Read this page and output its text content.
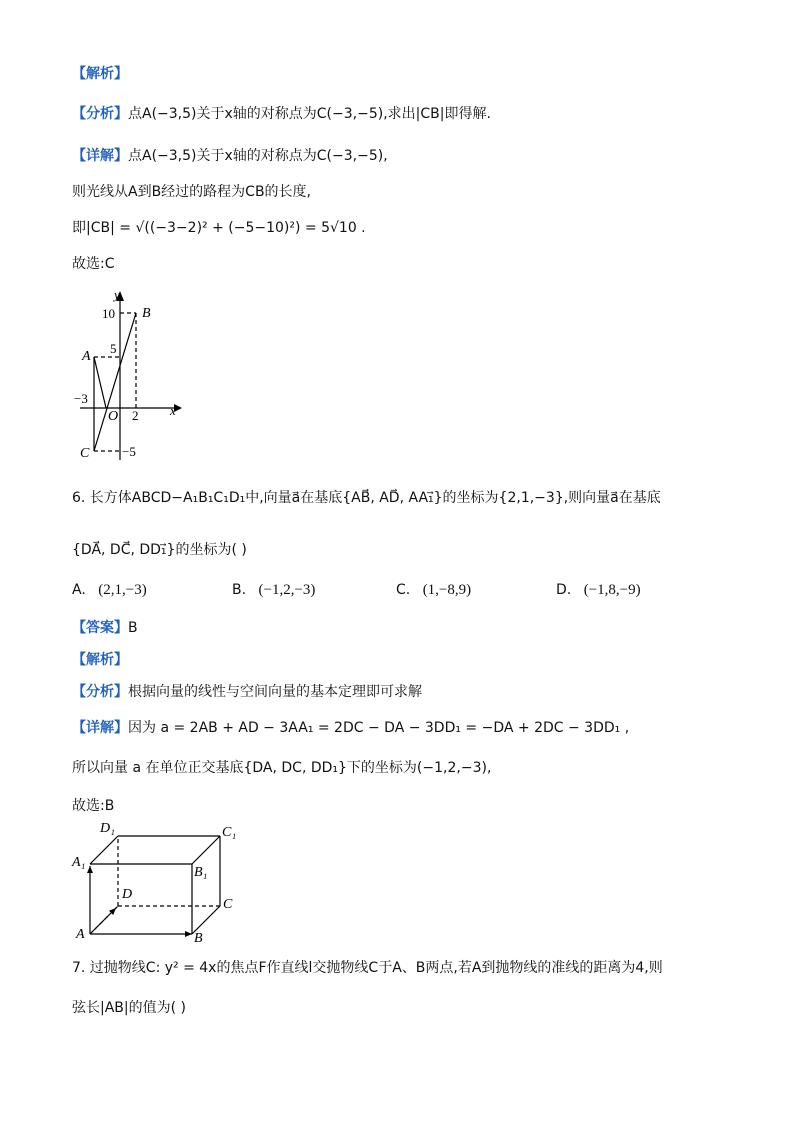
【解析】
【分析】点A(−3,5)关于x轴的对称点为C(−3,−5),求出|CB|即得解.
【详解】点A(−3,5)关于x轴的对称点为C(−3,−5),
则光线从A到B经过的路程为CB的长度,
即|CB| = √((−3−2)² + (−5−10)²) = 5√10 .
故选:C
y
x
B
A
C
O
10
5
−3
2
−5
6. 长方体ABCD−A₁B₁C₁D₁中,向量a⃗在基底{AB⃗, AD⃗, AA₁⃗}的坐标为{2,1,−3},则向量a⃗在基底
{DA⃗, DC⃗, DD₁⃗}的坐标为( )
A. (2,1,−3)	B. (−1,2,−3)	C. (1,−8,9)	D. (−1,8,−9)
【答案】B
【解析】
【分析】根据向量的线性与空间向量的基本定理即可求解
【详解】因为 a = 2AB + AD − 3AA₁ = 2DC − DA − 3DD₁ = −DA + 2DC − 3DD₁ ,
所以向量 a 在单位正交基底{DA, DC, DD₁}下的坐标为(−1,2,−3),
故选:B
A	B
C
D
A₁
B₁
C₁
D₁
7. 过抛物线C: y² = 4x的焦点F作直线l交抛物线C于A、B两点,若A到抛物线的准线的距离为4,则
弦长|AB|的值为( )
